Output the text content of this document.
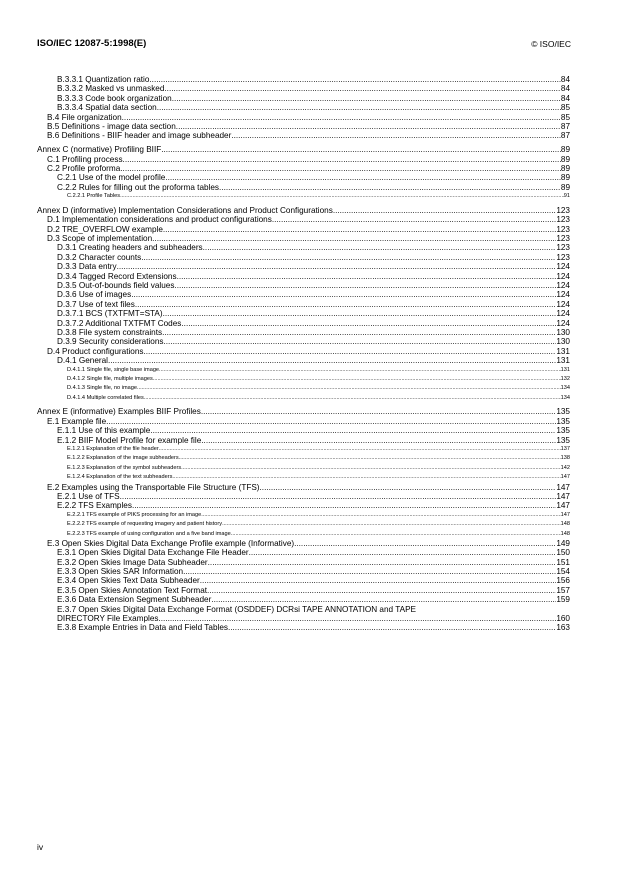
ISO/IEC 12087-5:1998(E)	© ISO/IEC
B.3.3.1 Quantization ratio .....	84
B.3.3.2 Masked vs unmasked .....	84
B.3.3.3 Code book organization .....	84
B.3.3.4 Spatial data section .....	85
B.4 File organization .....	85
B.5 Definitions - image data section .....	87
B.6 Definitions - BIIF header and image subheader .....	87
Annex C (normative) Profiling BIIF .....	89
C.1 Profiling process .....	89
C.2 Profile proforma .....	89
C.2.1 Use of the model profile .....	89
C.2.2 Rules for filling out the proforma tables .....	89
C.2.2.1 Profile Tables .....	91
Annex D (informative) Implementation Considerations and Product Configurations .....	123
D.1 Implementation considerations and product configurations .....	123
D.2 TRE_OVERFLOW example .....	123
D.3 Scope of implementation .....	123
D.3.1 Creating headers and subheaders .....	123
D.3.2 Character counts .....	123
D.3.3 Data entry .....	124
D.3.4 Tagged Record Extensions .....	124
D.3.5 Out-of-bounds field values .....	124
D.3.6 Use of images .....	124
D.3.7 Use of text files .....	124
D.3.7.1 BCS (TXTFMT=STA) .....	124
D.3.7.2 Additional TXTFMT Codes .....	124
D.3.8 File system constraints .....	130
D.3.9 Security considerations .....	130
D.4 Product configurations .....	131
D.4.1 General .....	131
D.4.1.1 Single file, single base image .....	131
D.4.1.2 Single file, multiple images .....	132
D.4.1.3 Single file, no image .....	134
D.4.1.4 Multiple correlated files .....	134
Annex E (informative) Examples BIIF Profiles .....	135
E.1 Example file .....	135
E.1.1 Use of this example .....	135
E.1.2 BIIF Model Profile for example file .....	135
E.1.2.1 Explanation of the file header .....	137
E.1.2.2 Explanation of the image subheaders .....	138
E.1.2.3 Explanation of the symbol subheaders .....	142
E.1.2.4 Explanation of the text subheaders .....	147
E.2 Examples using the Transportable File Structure (TFS) .....	147
E.2.1 Use of TFS .....	147
E.2.2 TFS Examples .....	147
E.2.2.1 TFS example of PIKS processing for an image .....	147
E.2.2.2 TFS example of requesting imagery and patient history .....	148
E.2.2.3 TFS example of using configuration and a five band image .....	148
E.3 Open Skies Digital Data Exchange Profile example (Informative) .....	149
E.3.1 Open Skies Digital Data Exchange File Header .....	150
E.3.2 Open Skies Image Data Subheader .....	151
E.3.3 Open Skies SAR Information .....	154
E.3.4 Open Skies Text Data Subheader .....	156
E.3.5 Open Skies Annotation Text Format .....	157
E.3.6 Data Extension Segment Subheader .....	159
E.3.7 Open Skies Digital Data Exchange Format (OSDDEF) DCRsi TAPE ANNOTATION and TAPE
DIRECTORY File Examples .....	160
E.3.8 Example Entries in Data and Field Tables .....	163
iv
